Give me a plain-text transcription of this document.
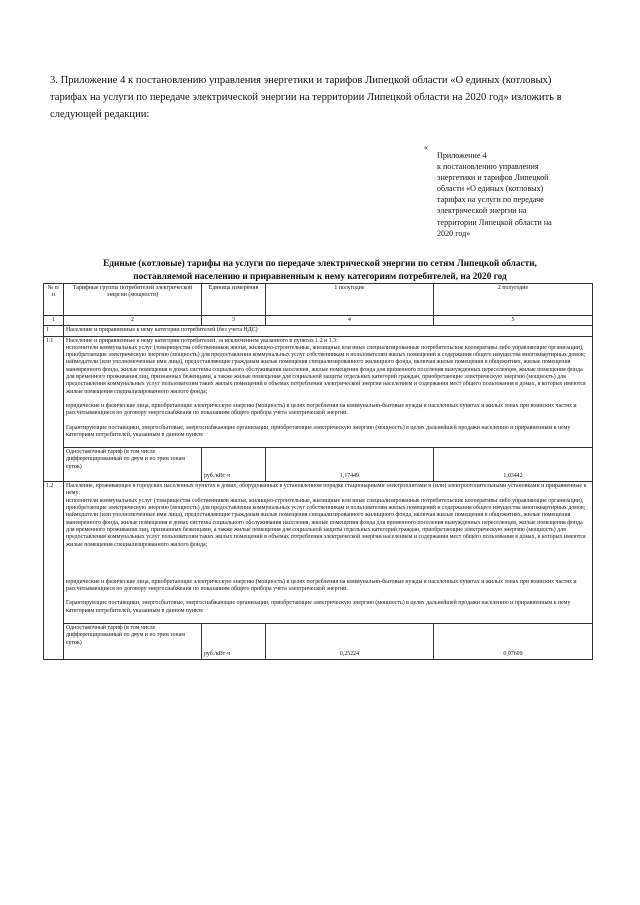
3. Приложение 4 к постановлению управления энергетики и тарифов Липецкой области «О единых (котловых) тарифах на услуги по передаче электрической энергии на территории Липецкой области на 2020 год» изложить в следующей редакции:
«
Приложение 4
к постановлению управления
энергетики и тарифов Липецкой
области «О единых (котловых)
тарифах на услуги по передаче
электрической энергии на
территории Липецкой области на
2020 год»
Единые (котловые) тарифы на услуги по передаче электрической энергии по сетям Липецкой области,
поставляемой населению и приравненным к нему категориям потребителей, на 2020 год
№ п/п	Тарифные группы потребителей электрической энергии (мощности)	Единица измерения	1 полугодие	2 полугодие
1	2	3	4	5
1	Население и приравненные к нему категории потребителей (без учета НДС)			
1.1	Население и приравненные к нему категории потребителей, за исключением указанного в пунктах 1.2 и 1.3:

исполнители коммунальных услуг (товарищества собственников жилья, жилищно-строительные, жилищные или иные специализированные потребительские кооперативы либо управляющие организации), приобретающие электрическую энергию (мощность) для предоставления коммунальных услуг собственникам и пользователям жилых помещений и содержания общего имущества многоквартирных домов; наймодатели (или уполномоченные ими лица), предоставляющие гражданам жилые помещения специализированного жилищного фонда, включая жилые помещения в общежитиях, жилые помещения маневренного фонда, жилые помещения в домах системы социального обслуживания населения, жилые помещения фонда для временного поселения вынужденных переселенцев, жилые помещения фонда для временного проживания лиц, признанных беженцами, а также жилые помещения для социальной защиты отдельных категорий граждан, приобретающие электрическую энергию (мощность) для предоставления коммунальных услуг пользователям таких жилых помещений в объемах потребления электрической энергии населением и содержания мест общего пользования в домах, в которых имеются жилые помещения специализированного жилого фонда;

юридические и физические лица, приобретающие электрическую энергию (мощность) в целях потребления на коммунально-бытовые нужды в населенных пунктах и жилых зонах при воинских частях и рассчитывающиеся по договору энергоснабжения по показаниям общего прибора учета электрической энергии.

Гарантирующие поставщики, энергосбытовые, энергоснабжающие организации, приобретающие электрическую энергию (мощность) в целях дальнейшей продажи населению и приравненным к нему категориям потребителей, указанным в данном пункте			

	Одноставочный тариф (в том числе дифференцированный по двум и по трем зонам суток)	руб./кВт·ч	1,17449	1,03442
1.2	Население, проживающее в городских населенных пунктах в домах, оборудованных в установленном порядке стационарными электроплитами и (или) электроотопительными установками и приравненные к нему:

исполнители коммунальных услуг (товарищества собственников жилья, жилищно-строительные, жилищные или иные специализированные потребительские кооперативы либо управляющие организации), приобретающие электрическую энергию (мощность) для предоставления коммунальных услуг собственникам и пользователям жилых помещений и содержания общего имущества многоквартирных домов; наймодатели (или уполномоченные ими лица), предоставляющие гражданам жилые помещения специализированного жилищного фонда, включая жилые помещения в общежитиях, жилые помещения маневренного фонда, жилые помещения в домах системы социального обслуживания населения, жилые помещения фонда для временного поселения вынужденных переселенцев, жилые помещения фонда для временного проживания лиц, признанных беженцами, а также жилые помещения для социальной защиты отдельных категорий граждан, приобретающие электрическую энергию (мощность) для предоставления коммунальных услуг пользователям таких жилых помещений в объемах потребления электрической энергии населением и содержания мест общего пользования в домах, в которых имеются жилые помещения специализированного жилого фонда;

юридические и физические лица, приобретающие электрическую энергию (мощность) в целях потребления на коммунально-бытовые нужды в населенных пунктах и жилых зонах при воинских частях и рассчитывающиеся по договору энергоснабжения по показаниям общего прибора учета электрической энергии.

Гарантирующие поставщики, энергосбытовые, энергоснабжающие организации, приобретающие электрическую энергию (мощность) в целях дальнейшей продажи населению и приравненным к нему категориям потребителей, указанным в данном пункте			

	Одноставочный тариф (в том числе дифференцированный по двум и по трем зонам суток)	руб./кВт·ч	0,25224	0,07609
